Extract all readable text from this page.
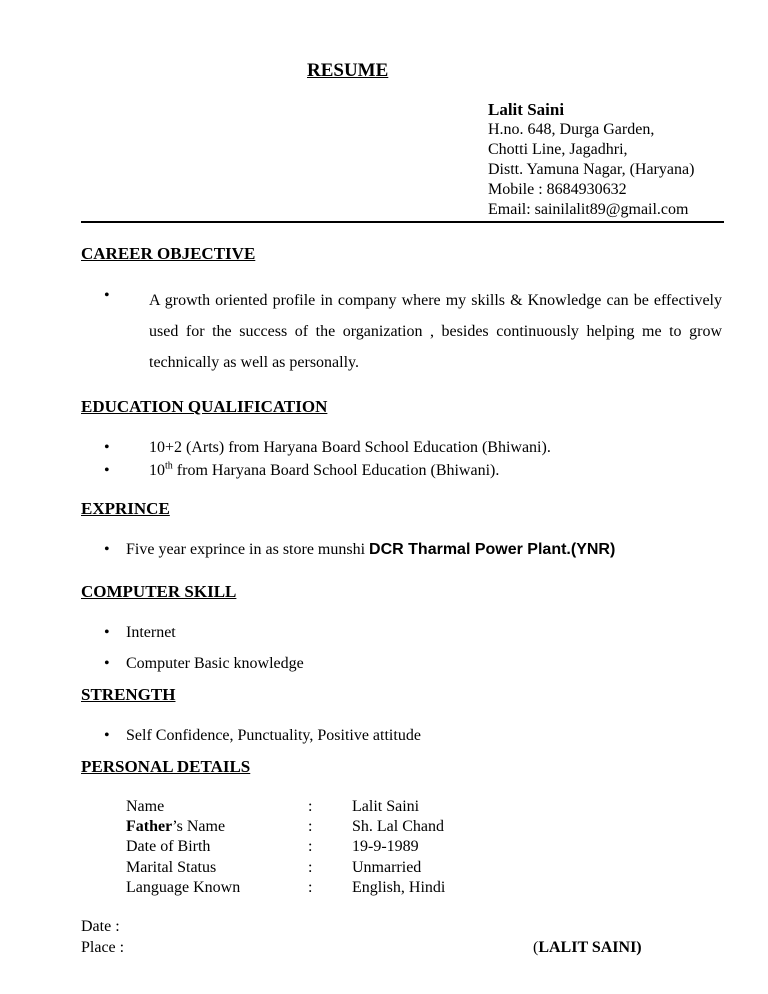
RESUME
Lalit Saini
H.no. 648, Durga Garden,
Chotti Line, Jagadhri,
Distt. Yamuna Nagar, (Haryana)
Mobile : 8684930632
Email: sainilalit89@gmail.com
CAREER OBJECTIVE
• A growth oriented profile in company where my skills & Knowledge can be effectively used for the success of the organization , besides continuously helping me to grow technically as well as personally.
EDUCATION QUALIFICATION
• 10+2 (Arts) from Haryana Board School Education (Bhiwani).
• 10th from Haryana Board School Education (Bhiwani).
EXPRINCE
• Five year exprince in as store munshi DCR Tharmal Power Plant.(YNR)
COMPUTER SKILL
• Internet
• Computer Basic knowledge
STRENGTH
• Self Confidence, Punctuality, Positive attitude
PERSONAL DETAILS
Name	: Lalit Saini
Father’s Name	: Sh. Lal Chand
Date of Birth	: 19-9-1989
Marital Status	: Unmarried
Language Known	: English, Hindi
Date :
Place :	(LALIT SAINI)
